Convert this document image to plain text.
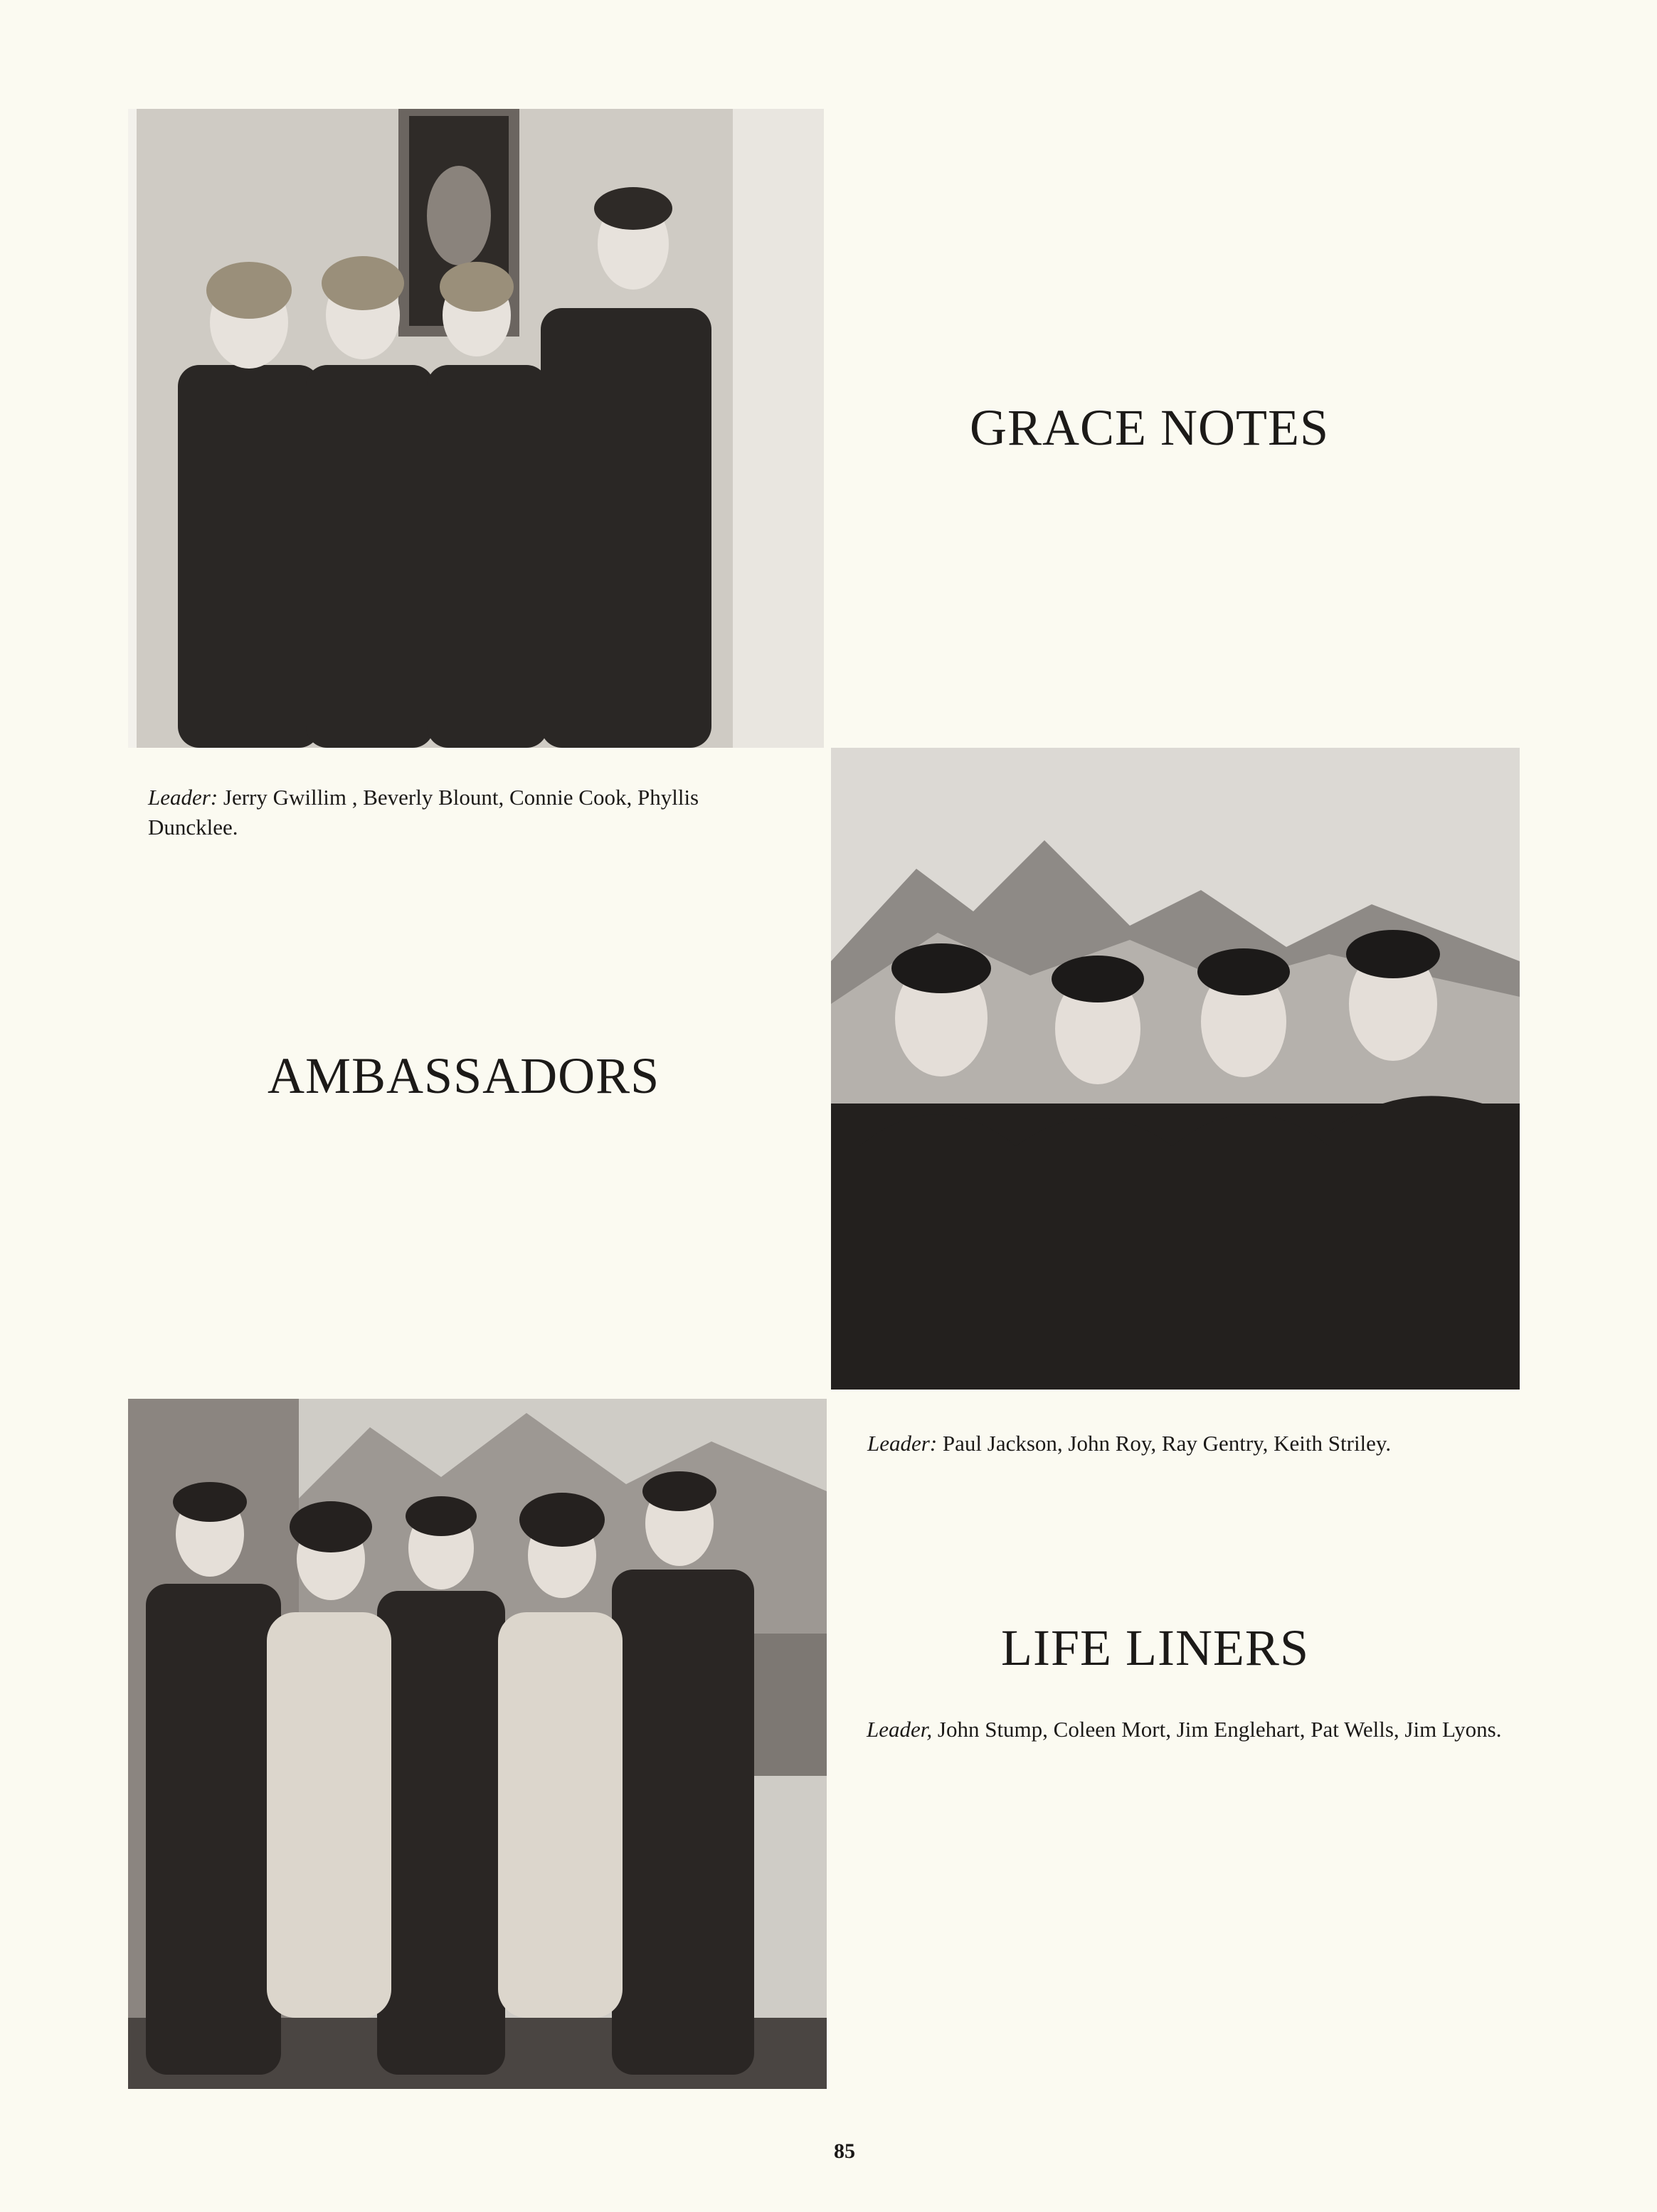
GRACE NOTES
Leader: Jerry Gwillim , Beverly Blount, Connie Cook, Phyllis Duncklee.
AMBASSADORS
Leader: Paul Jackson, John Roy, Ray Gentry, Keith Striley.
LIFE LINERS
Leader, John Stump, Coleen Mort, Jim Englehart, Pat Wells, Jim Lyons.
85
